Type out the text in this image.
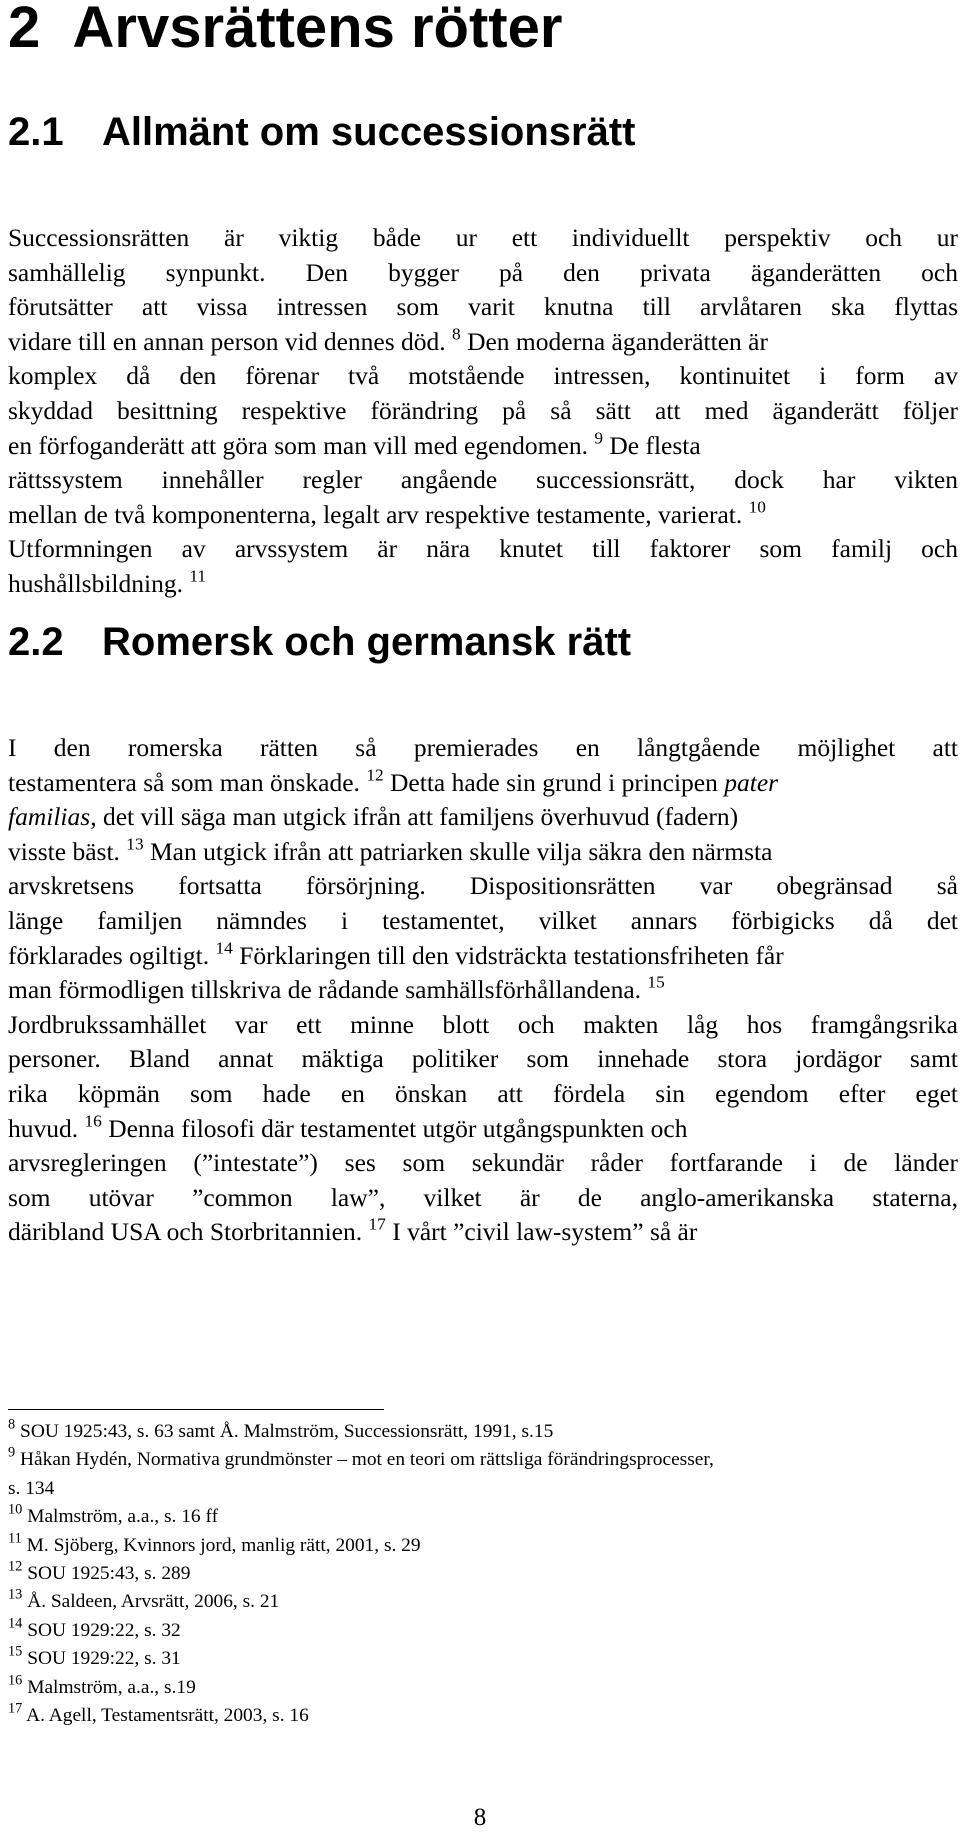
2 Arvsrättens rötter
2.1 Allmänt om successionsrätt
Successionsrätten är viktig både ur ett individuellt perspektiv och ur
samhällelig synpunkt. Den bygger på den privata äganderätten och
förutsätter att vissa intressen som varit knutna till arvlåtaren ska flyttas
vidare till en annan person vid dennes död. $^8$ Den moderna äganderätten är
komplex då den förenar två motstående intressen, kontinuitet i form av
skyddad besittning respektive förändring på så sätt att med äganderätt följer
en förfoganderätt att göra som man vill med egendomen. $^9$ De flesta
rättssystem innehåller regler angående successionsrätt, dock har vikten
mellan de två komponenterna, legalt arv respektive testamente, varierat. $^{10}$
Utformningen av arvssystem är nära knutet till faktorer som familj och
hushållsbildning. $^{11}$
2.2 Romersk och germansk rätt
I den romerska rätten så premierades en långtgående möjlighet att
testamentera så som man önskade. $^{12}$ Detta hade sin grund i principen pater
familias, det vill säga man utgick ifrån att familjens överhuvud (fadern)
visste bäst. $^{13}$ Man utgick ifrån att patriarken skulle vilja säkra den närmsta
arvskretsens fortsatta försörjning. Dispositionsrätten var obegränsad så
länge familjen nämndes i testamentet, vilket annars förbigicks då det
förklarades ogiltigt. $^{14}$ Förklaringen till den vidsträckta testationsfriheten får
man förmodligen tillskriva de rådande samhällsförhållandena. $^{15}$
Jordbrukssamhället var ett minne blott och makten låg hos framgångsrika
personer. Bland annat mäktiga politiker som innehade stora jordägor samt
rika köpmän som hade en önskan att fördela sin egendom efter eget
huvud. $^{16}$ Denna filosofi där testamentet utgör utgångspunkten och
arvsregleringen (”intestate”) ses som sekundär råder fortfarande i de länder
som utövar ”common law”, vilket är de anglo-amerikanska staterna,
däribland USA och Storbritannien. $^{17}$ I vårt ”civil law-system” så är
$^8$ SOU 1925:43, s. 63 samt Å. Malmström, Successionsrätt, 1991, s.15
$^9$ Håkan Hydén, Normativa grundmönster – mot en teori om rättsliga förändringsprocesser,
s. 134
$^{10}$ Malmström, a.a., s. 16 ff
$^{11}$ M. Sjöberg, Kvinnors jord, manlig rätt, 2001, s. 29
$^{12}$ SOU 1925:43, s. 289
$^{13}$ Å. Saldeen, Arvsrätt, 2006, s. 21
$^{14}$ SOU 1929:22, s. 32
$^{15}$ SOU 1929:22, s. 31
$^{16}$ Malmström, a.a., s.19
$^{17}$ A. Agell, Testamentsrätt, 2003, s. 16
8
